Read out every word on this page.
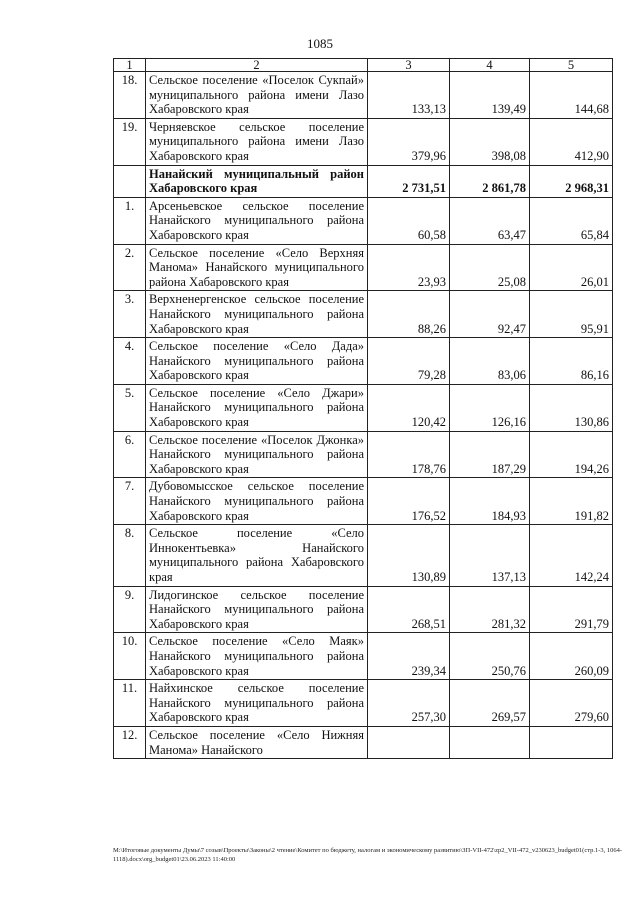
1085
1	2	3	4	5
18.	Сельское поселение «Поселок Сукпай» муниципального района имени Лазо Хабаровского края	133,13	139,49	144,68
19.	Черняевское сельское поселение муниципального района имени Лазо Хабаровского края	379,96	398,08	412,90
	Нанайский муниципальный район Хабаровского края	2 731,51	2 861,78	2 968,31
1.	Арсеньевское сельское поселение Нанайского муниципального района Хабаровского края	60,58	63,47	65,84
2.	Сельское поселение «Село Верхняя Манома» Нанайского муниципального района Хабаровского края	23,93	25,08	26,01
3.	Верхненергенское сельское поселение Нанайского муниципального района Хабаровского края	88,26	92,47	95,91
4.	Сельское поселение «Село Дада» Нанайского муниципального района Хабаровского края	79,28	83,06	86,16
5.	Сельское поселение «Село Джари» Нанайского муниципального района Хабаровского края	120,42	126,16	130,86
6.	Сельское поселение «Поселок Джонка» Нанайского муниципального района Хабаровского края	178,76	187,29	194,26
7.	Дубовомысское сельское поселение Нанайского муниципального района Хабаровского края	176,52	184,93	191,82
8.	Сельское поселение «Село Иннокентьевка» Нанайского муниципального района Хабаровского края	130,89	137,13	142,24
9.	Лидогинское сельское поселение Нанайского муниципального района Хабаровского края	268,51	281,32	291,79
10.	Сельское поселение «Село Маяк» Нанайского муниципального района Хабаровского края	239,34	250,76	260,09
11.	Найхинское сельское поселение Нанайского муниципального района Хабаровского края	257,30	269,57	279,60
12.	Сельское поселение «Село Нижняя Манома» Нанайского			
M:\Итоговые документы Думы\7 созыв\Проекты\Законы\2 чтение\Комитет по бюджету, налогам и экономическому развитию\ЗП-VII-472\zp2_VII-472_v230623_budget01(стр.1-3, 1064-1118).docx\org_budget01\23.06.2023 11:40:00
